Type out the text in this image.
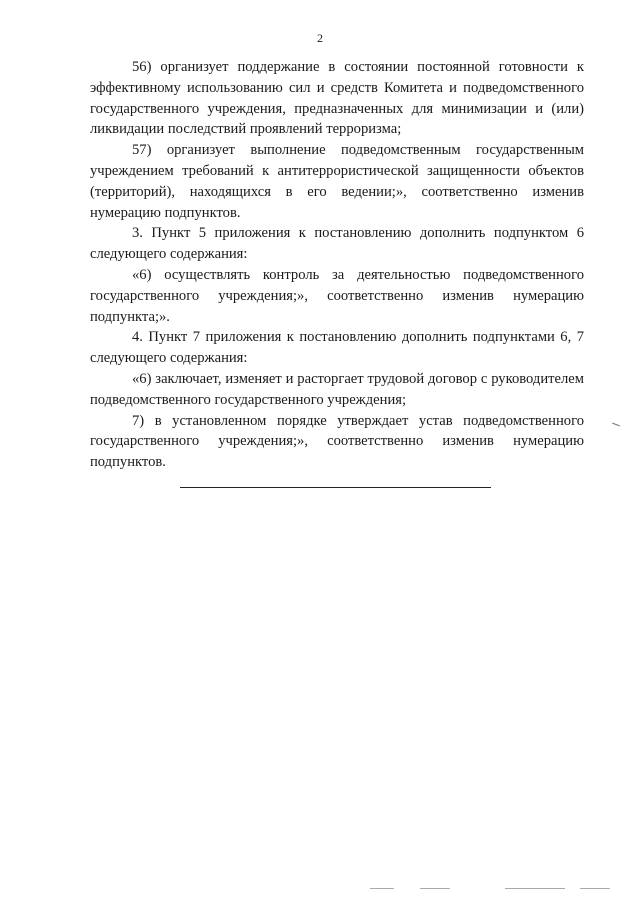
2

56) организует поддержание в состоянии постоянной готовности к эффективному использованию сил и средств Комитета и подведомственного государственного учреждения, предназначенных для минимизации и (или) ликвидации последствий проявлений терроризма;

57) организует выполнение подведомственным государственным учреждением требований к антитеррористической защищенности объектов (территорий), находящихся в его ведении;», соответственно изменив нумерацию подпунктов.

3. Пункт 5 приложения к постановлению дополнить подпунктом 6 следующего содержания:

«6) осуществлять контроль за деятельностью подведомственного государственного учреждения;», соответственно изменив нумерацию подпункта;».

4. Пункт 7 приложения к постановлению дополнить подпунктами 6, 7 следующего содержания:

«6) заключает, изменяет и расторгает трудовой договор с руководителем подведомственного государственного учреждения;

7) в установленном порядке утверждает устав подведомственного государственного учреждения;», соответственно изменив нумерацию подпунктов.
